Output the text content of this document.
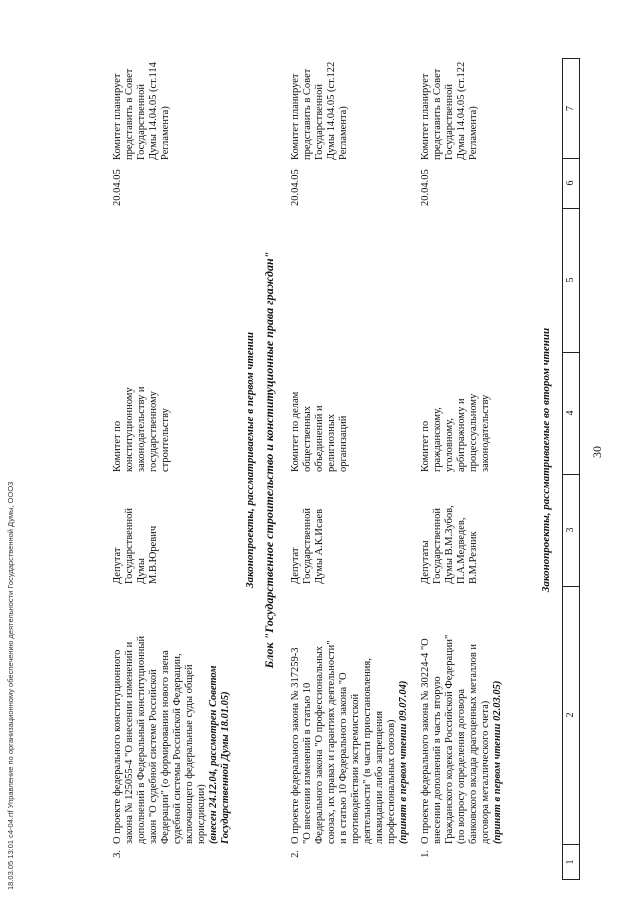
30
1
2
3
4
5
6
7
Законопроекты, рассматриваемые во втором чтении
1.

О проекте федерального закона № 30224-4 "О внесении дополнений в часть вторую Гражданского кодекса Российской Федерации" (по вопросу определения договора банковского вклада драгоценных металлов и договора металлического счета) (принят в первом чтении 02.03.05)

Депутаты Государственной Думы В.М.Зубов, П.А.Медведев, В.М.Резник
Комитет по гражданскому, уголовному, арбитражному и процессуальному законодательству
20.04.05
Комитет планирует представить в Совет Государственной Думы 14.04.05 (ст.122 Регламента)
2.

О проекте федерального закона № 317259-3 "О внесении изменений в статью 10 Федерального закона "О профессиональных союзах, их правах и гарантиях деятельности" и в статью 10 Федерального закона "О противодействии экстремистской деятельности" (в части приостановления, ликвидации либо запрещения профессиональных союзов) (принят в первом чтении 09.07.04)

Депутат Государственной Думы А.К.Исаев
Комитет по делам общественных объединений и религиозных организаций
20.04.05
Комитет планирует представить в Совет Государственной Думы 14.04.05 (ст.122 Регламента)
Блок "Государственное строительство и конституционные права граждан"
Законопроекты, рассматриваемые в первом чтении
3.

О проекте федерального конституционного закона № 125055-4 "О внесении изменений и дополнений в Федеральный конституционный закон "О судебной системе Российской Федерации" (о формировании нового звена судебной системы Российской Федерации, включающего федеральные суды общей юрисдикции) (внесен 24.12.04, рассмотрен Советом Государственной Думы 18.01.05)

Депутат Государственной Думы М.В.Юревич
Комитет по конституционному законодательству и государственному строительству
20.04.05
Комитет планирует представить в Совет Государственной Думы 14.04.05 (ст.114 Регламента)
18.03.05 13:01 с4-04.rtf Управление по организационному обеспечению деятельности Государственной Думы, ООО3
